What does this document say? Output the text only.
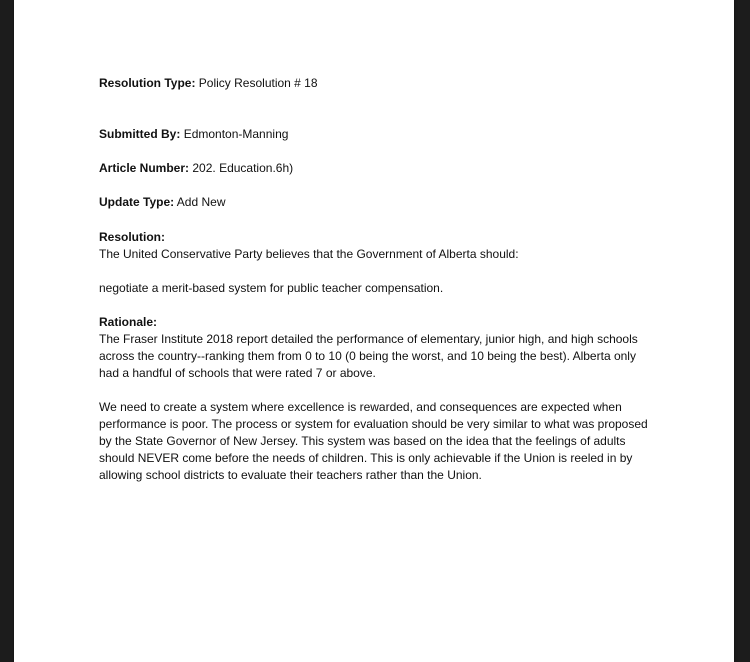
Resolution Type: Policy Resolution # 18
Submitted By: Edmonton-Manning
Article Number: 202. Education.6h)
Update Type: Add New
Resolution:
The United Conservative Party believes that the Government of Alberta should:
negotiate a merit-based system for public teacher compensation.
Rationale:
The Fraser Institute 2018 report detailed the performance of elementary, junior high, and high schools across the country--ranking them from 0 to 10 (0 being the worst, and 10 being the best). Alberta only had a handful of schools that were rated 7 or above.
We need to create a system where excellence is rewarded, and consequences are expected when performance is poor. The process or system for evaluation should be very similar to what was proposed by the State Governor of New Jersey. This system was based on the idea that the feelings of adults should NEVER come before the needs of children. This is only achievable if the Union is reeled in by allowing school districts to evaluate their teachers rather than the Union.
